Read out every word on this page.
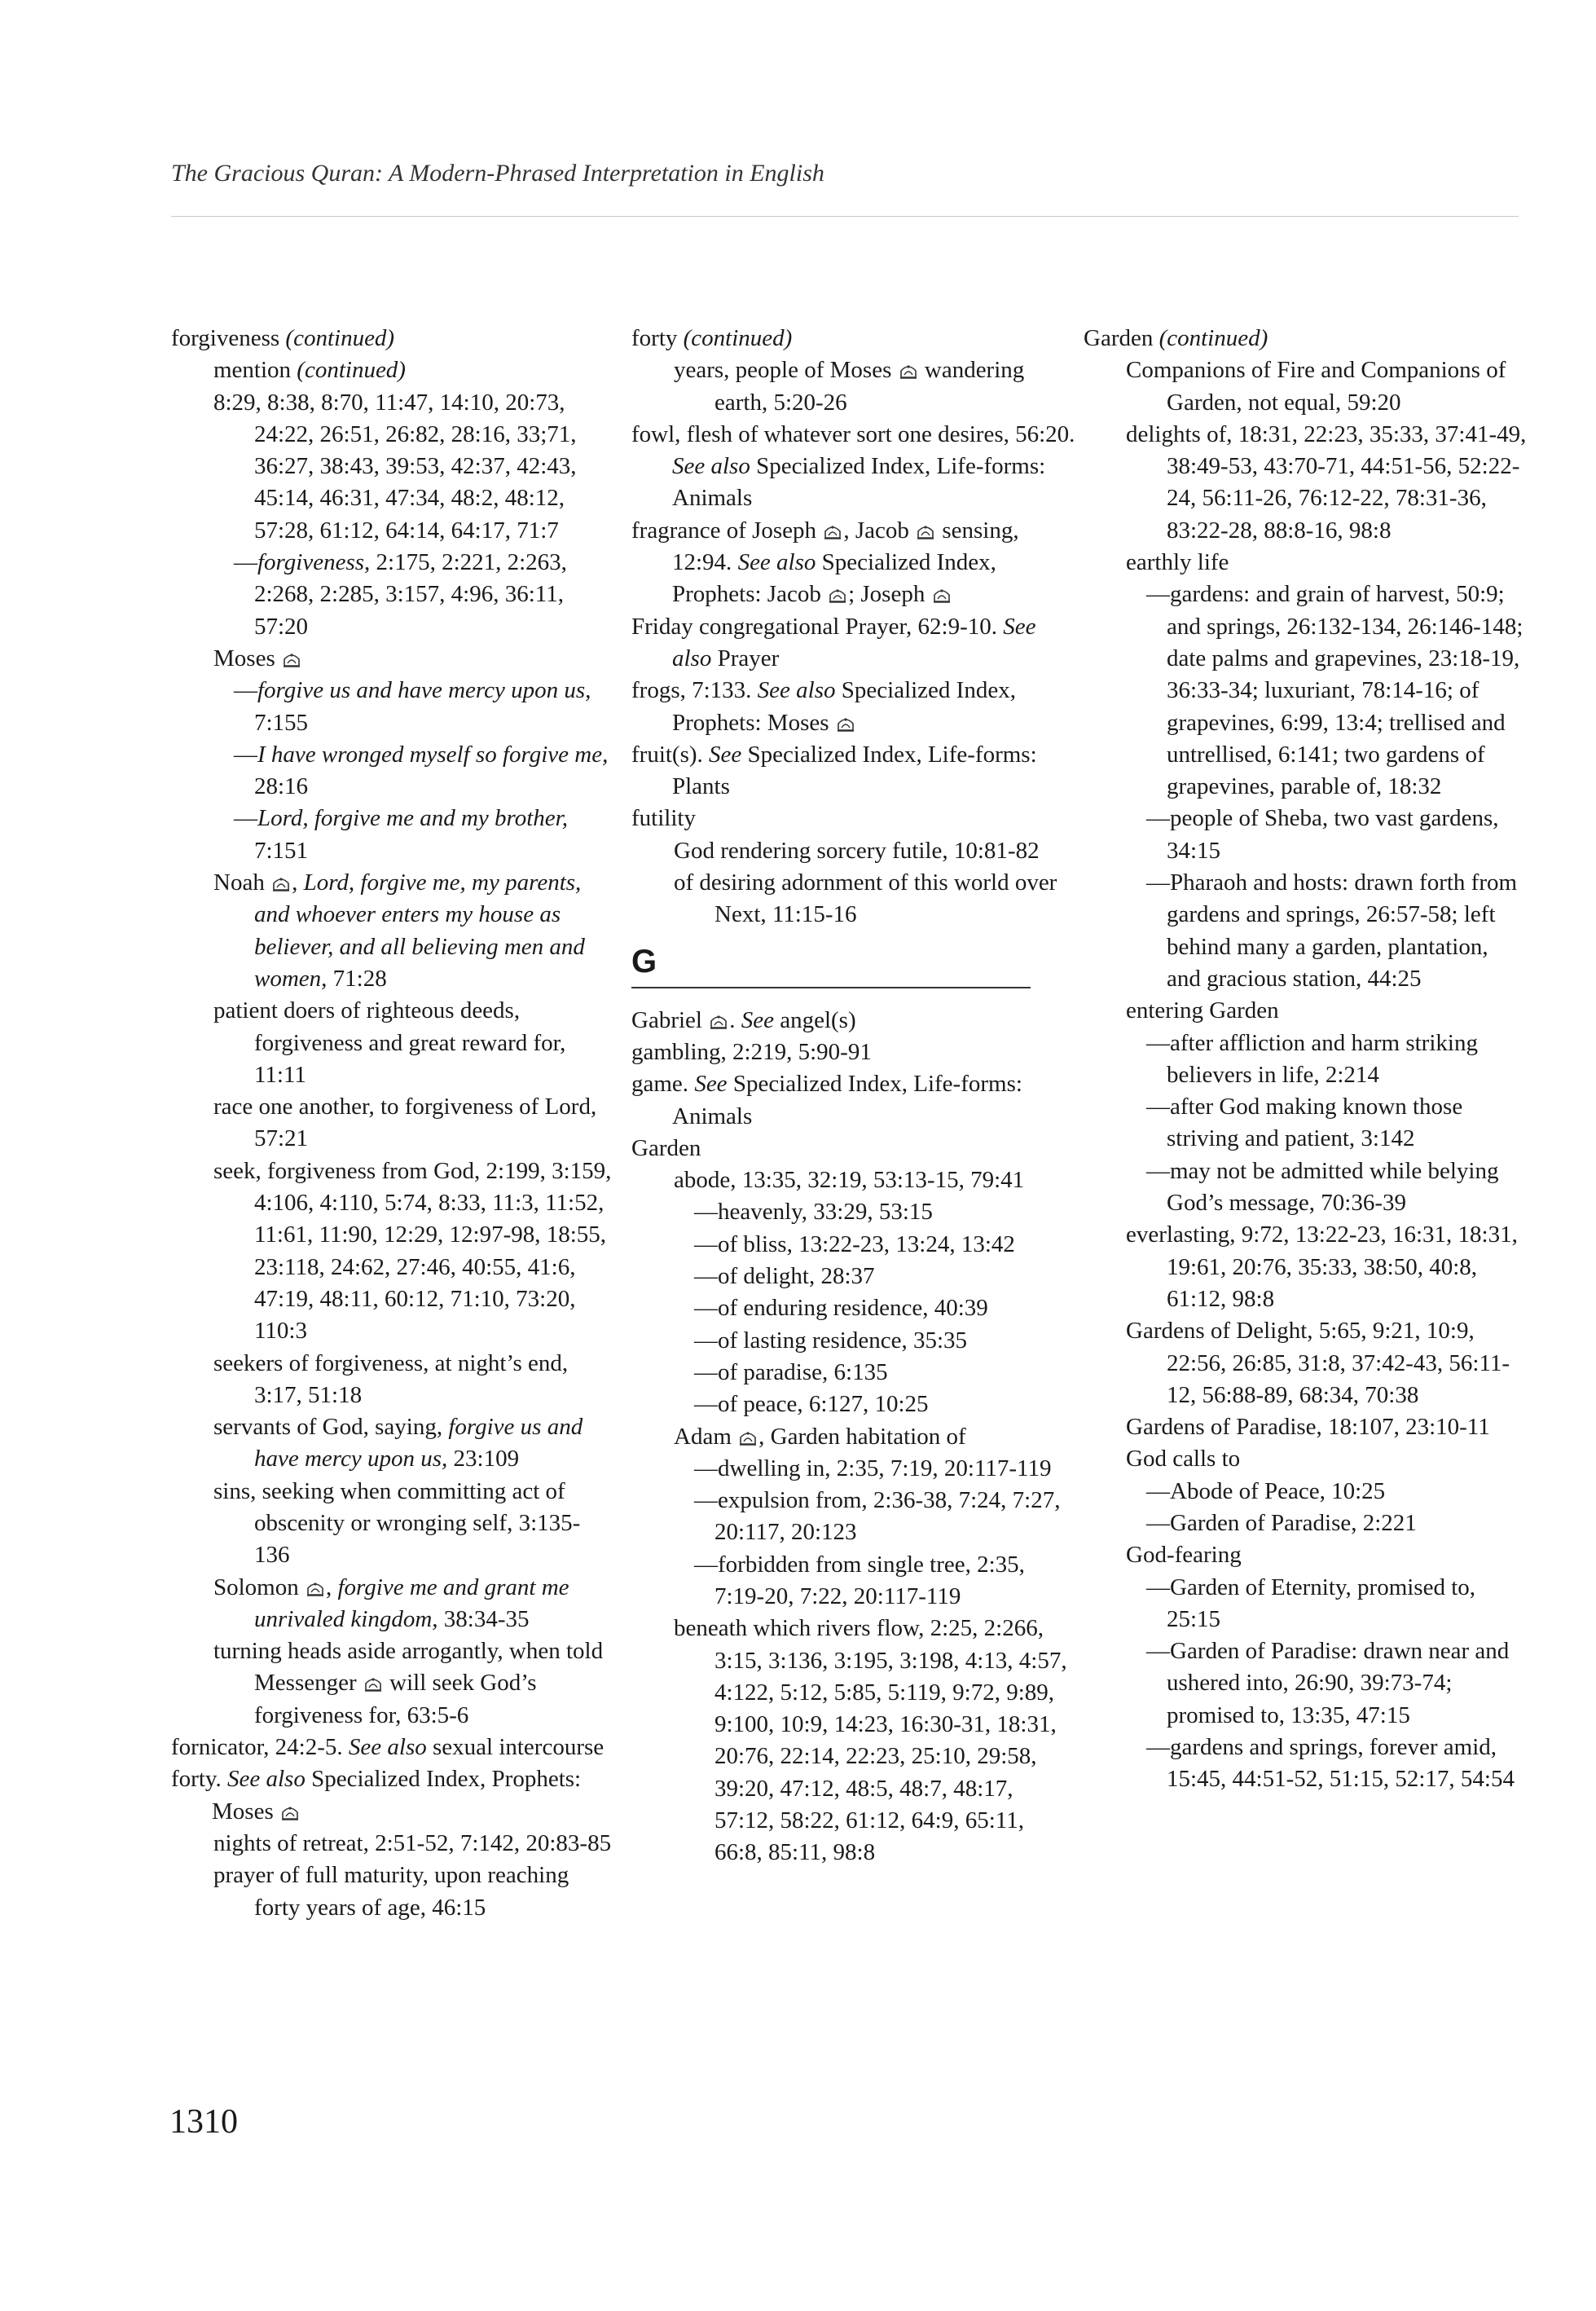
The Gracious Quran: A Modern-Phrased Interpretation in English
forgiveness (continued)
mention (continued)
8:29, 8:38, 8:70, 11:47, 14:10, 20:73, 24:22, 26:51, 26:82, 28:16, 33;71, 36:27, 38:43, 39:53, 42:37, 42:43, 45:14, 46:31, 47:34, 48:2, 48:12, 57:28, 61:12, 64:14, 64:17, 71:7
—forgiveness, 2:175, 2:221, 2:263, 2:268, 2:285, 3:157, 4:96, 36:11, 57:20
Moses
—forgive us and have mercy upon us, 7:155
—I have wronged myself so forgive me, 28:16
—Lord, forgive me and my brother, 7:151
Noah
, Lord, forgive me, my parents, and whoever enters my house as believer, and all believing men and women, 71:28
patient doers of righteous deeds, forgiveness and great reward for, 11:11
race one another, to forgiveness of Lord, 57:21
seek, forgiveness from God, 2:199, 3:159, 4:106, 4:110, 5:74, 8:33, 11:3, 11:52, 11:61, 11:90, 12:29, 12:97-98, 18:55, 23:118, 24:62, 27:46, 40:55, 41:6, 47:19, 48:11, 60:12, 71:10, 73:20, 110:3
seekers of forgiveness, at night’s end, 3:17, 51:18
servants of God, saying, forgive us and have mercy upon us, 23:109
sins, seeking when committing act of obscenity or wronging self, 3:135-136
Solomon
, forgive me and grant me unrivaled kingdom, 38:34-35
turning heads aside arrogantly, when told Messenger
will seek God’s forgiveness for, 63:5-6
fornicator, 24:2-5. See also sexual intercourse
forty. See also Specialized Index, Prophets: Moses
nights of retreat, 2:51-52, 7:142, 20:83-85
prayer of full maturity, upon reaching forty years of age, 46:15
forty (continued)
years, people of Moses
wandering earth, 5:20-26
fowl, flesh of whatever sort one desires, 56:20. See also Specialized Index, Life-forms: Animals
fragrance of Joseph
, Jacob
sensing, 12:94. See also Specialized Index, Prophets: Jacob
; Joseph
Friday congregational Prayer, 62:9-10. See also Prayer
frogs, 7:133. See also Specialized Index, Prophets: Moses
fruit(s). See Specialized Index, Life-forms: Plants
futility
God rendering sorcery futile, 10:81-82
of desiring adornment of this world over Next, 11:15-16
G
Gabriel
. See angel(s)
gambling, 2:219, 5:90-91
game. See Specialized Index, Life-forms: Animals
Garden
abode, 13:35, 32:19, 53:13-15, 79:41
—heavenly, 33:29, 53:15
—of bliss, 13:22-23, 13:24, 13:42
—of delight, 28:37
—of enduring residence, 40:39
—of lasting residence, 35:35
—of paradise, 6:135
—of peace, 6:127, 10:25
Adam
, Garden habitation of
—dwelling in, 2:35, 7:19, 20:117-119
—expulsion from, 2:36-38, 7:24, 7:27, 20:117, 20:123
—forbidden from single tree, 2:35, 7:19-20, 7:22, 20:117-119
beneath which rivers flow, 2:25, 2:266, 3:15, 3:136, 3:195, 3:198, 4:13, 4:57, 4:122, 5:12, 5:85, 5:119, 9:72, 9:89, 9:100, 10:9, 14:23, 16:30-31, 18:31, 20:76, 22:14, 22:23, 25:10, 29:58, 39:20, 47:12, 48:5, 48:7, 48:17, 57:12, 58:22, 61:12, 64:9, 65:11, 66:8, 85:11, 98:8
Garden (continued)
Companions of Fire and Companions of Garden, not equal, 59:20
delights of, 18:31, 22:23, 35:33, 37:41-49, 38:49-53, 43:70-71, 44:51-56, 52:22-24, 56:11-26, 76:12-22, 78:31-36, 83:22-28, 88:8-16, 98:8
earthly life
—gardens: and grain of harvest, 50:9; and springs, 26:132-134, 26:146-148; date palms and grapevines, 23:18-19, 36:33-34; luxuriant, 78:14-16; of grapevines, 6:99, 13:4; trellised and untrellised, 6:141; two gardens of grapevines, parable of, 18:32
—people of Sheba, two vast gardens, 34:15
—Pharaoh and hosts: drawn forth from gardens and springs, 26:57-58; left behind many a garden, plantation, and gracious station, 44:25
entering Garden
—after affliction and harm striking believers in life, 2:214
—after God making known those striving and patient, 3:142
—may not be admitted while belying God’s message, 70:36-39
everlasting, 9:72, 13:22-23, 16:31, 18:31, 19:61, 20:76, 35:33, 38:50, 40:8, 61:12, 98:8
Gardens of Delight, 5:65, 9:21, 10:9, 22:56, 26:85, 31:8, 37:42-43, 56:11-12, 56:88-89, 68:34, 70:38
Gardens of Paradise, 18:107, 23:10-11
God calls to
—Abode of Peace, 10:25
—Garden of Paradise, 2:221
God-fearing
—Garden of Eternity, promised to, 25:15
—Garden of Paradise: drawn near and ushered into, 26:90, 39:73-74; promised to, 13:35, 47:15
—gardens and springs, forever amid, 15:45, 44:51-52, 51:15, 52:17, 54:54
1310
